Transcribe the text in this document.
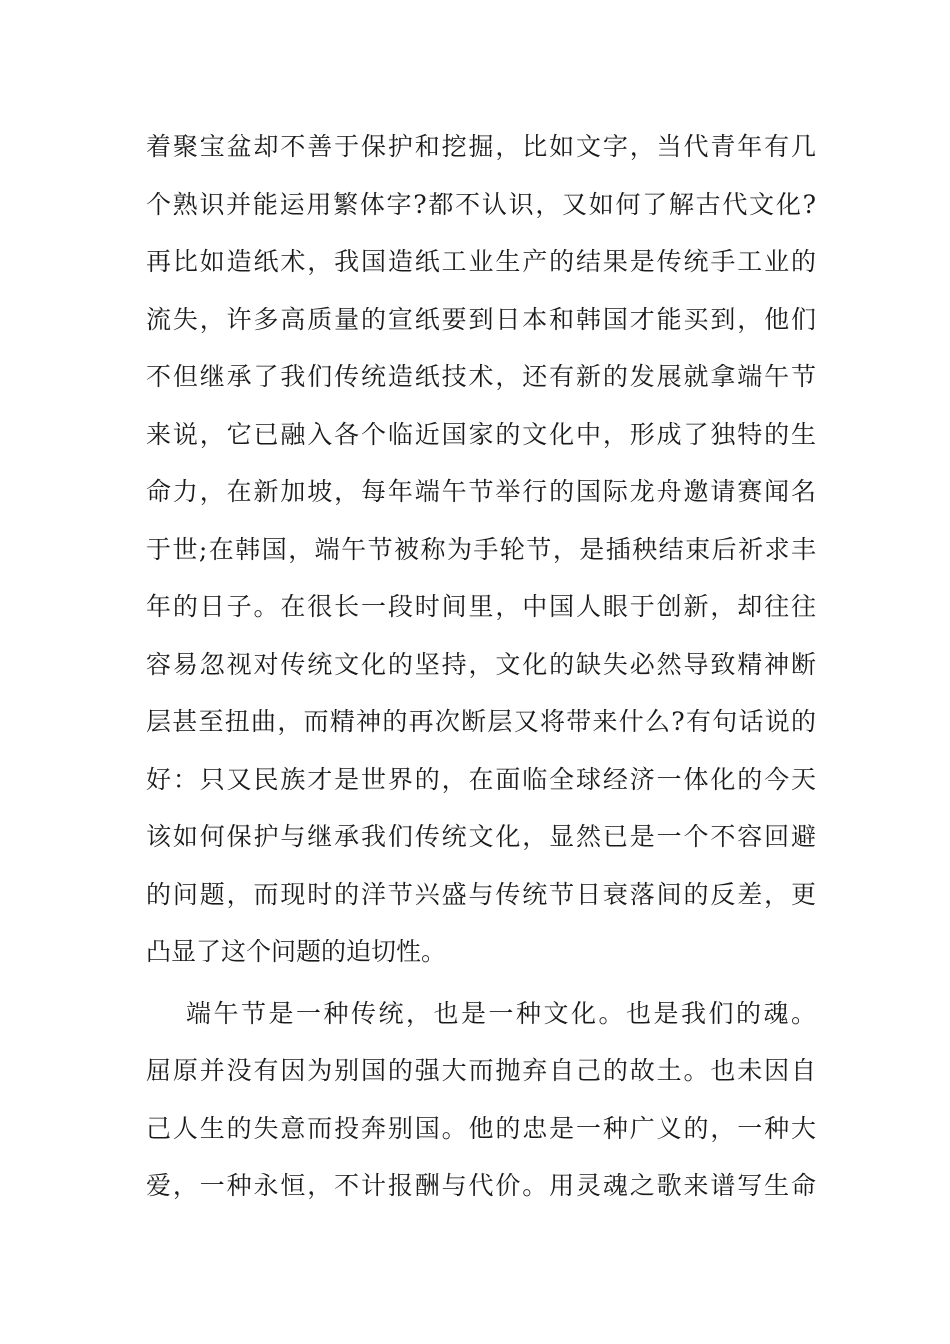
着聚宝盆却不善于保护和挖掘，比如文字，当代青年有几
个熟识并能运用繁体字?都不认识，又如何了解古代文化?
再比如造纸术，我国造纸工业生产的结果是传统手工业的
流失，许多高质量的宣纸要到日本和韩国才能买到，他们
不但继承了我们传统造纸技术，还有新的发展就拿端午节
来说，它已融入各个临近国家的文化中，形成了独特的生
命力，在新加坡，每年端午节举行的国际龙舟邀请赛闻名
于世;在韩国，端午节被称为手轮节，是插秧结束后祈求丰
年的日子。在很长一段时间里，中国人眼于创新，却往往
容易忽视对传统文化的坚持，文化的缺失必然导致精神断
层甚至扭曲，而精神的再次断层又将带来什么?有句话说的
好：只又民族才是世界的，在面临全球经济一体化的今天
该如何保护与继承我们传统文化，显然已是一个不容回避
的问题，而现时的洋节兴盛与传统节日衰落间的反差，更
凸显了这个问题的迫切性。
端午节是一种传统，也是一种文化。也是我们的魂。
屈原并没有因为别国的强大而抛弃自己的故土。也未因自
己人生的失意而投奔别国。他的忠是一种广义的，一种大
爱，一种永恒，不计报酬与代价。用灵魂之歌来谱写生命
